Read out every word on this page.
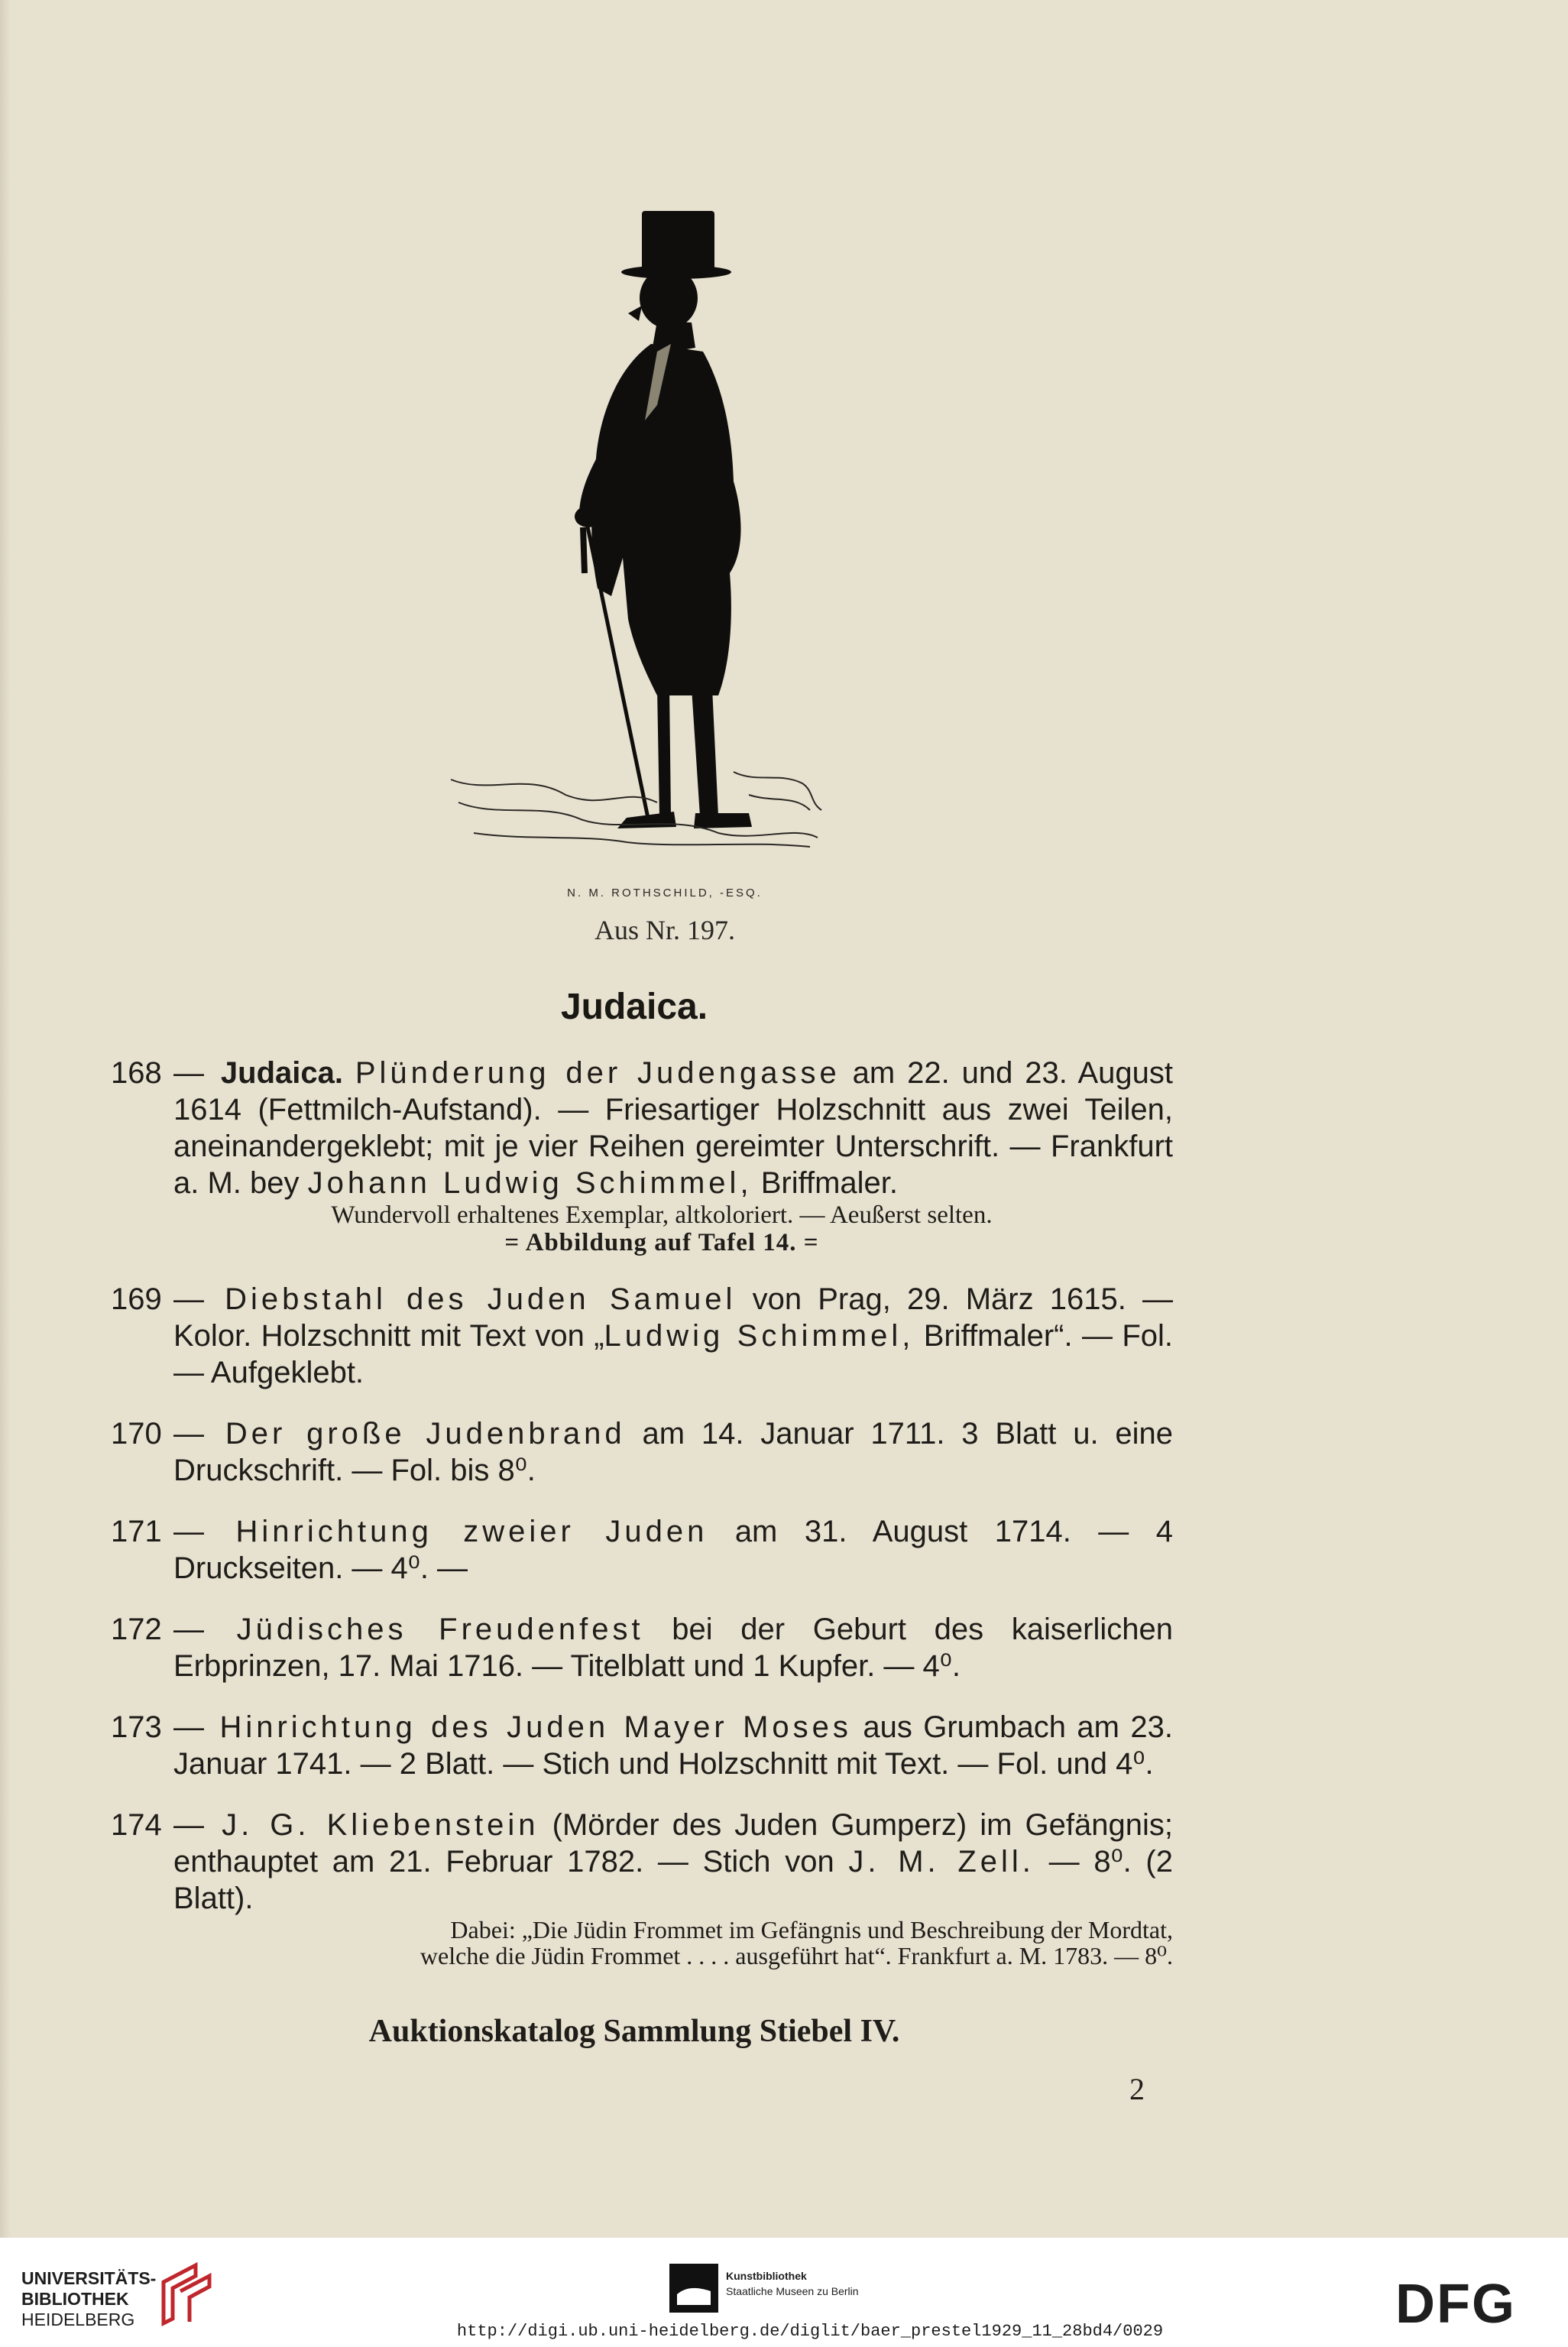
N. M. ROTHSCHILD, -ESQ.
Aus Nr. 197.
Judaica.
168 — Judaica. Plünderung der Judengasse am 22. und 23. August 1614 (Fettmilch-Aufstand). — Friesartiger Holzschnitt aus zwei Teilen, aneinandergeklebt; mit je vier Reihen gereimter Unterschrift. — Frankfurt a. M. bey Johann Ludwig Schimmel, Briffmaler.
Wundervoll erhaltenes Exemplar, altkoloriert. — Aeußerst selten.
= Abbildung auf Tafel 14. =
169 — Diebstahl des Juden Samuel von Prag, 29. März 1615. — Kolor. Holzschnitt mit Text von „Ludwig Schimmel, Briffmaler“. — Fol. — Aufgeklebt.
170 — Der große Judenbrand am 14. Januar 1711. 3 Blatt u. eine Druckschrift. — Fol. bis 8⁰.
171 — Hinrichtung zweier Juden am 31. August 1714. — 4 Druckseiten. — 4⁰. —
172 — Jüdisches Freudenfest bei der Geburt des kaiserlichen Erbprinzen, 17. Mai 1716. — Titelblatt und 1 Kupfer. — 4⁰.
173 — Hinrichtung des Juden Mayer Moses aus Grumbach am 23. Januar 1741. — 2 Blatt. — Stich und Holzschnitt mit Text. — Fol. und 4⁰.
174 — J. G. Kliebenstein (Mörder des Juden Gumperz) im Gefängnis; enthauptet am 21. Februar 1782. — Stich von J. M. Zell. — 8⁰. (2 Blatt).
Dabei: „Die Jüdin Frommet im Gefängnis und Beschreibung der Mordtat,
welche die Jüdin Frommet . . . . ausgeführt hat“. Frankfurt a. M. 1783. — 8⁰.
Auktionskatalog Sammlung Stiebel IV.
2
UNIVERSITÄTS-
BIBLIOTHEK
HEIDELBERG
Kunstbibliothek
Staatliche Museen zu Berlin	DFG
http://digi.ub.uni-heidelberg.de/diglit/baer_prestel1929_11_28bd4/0029
